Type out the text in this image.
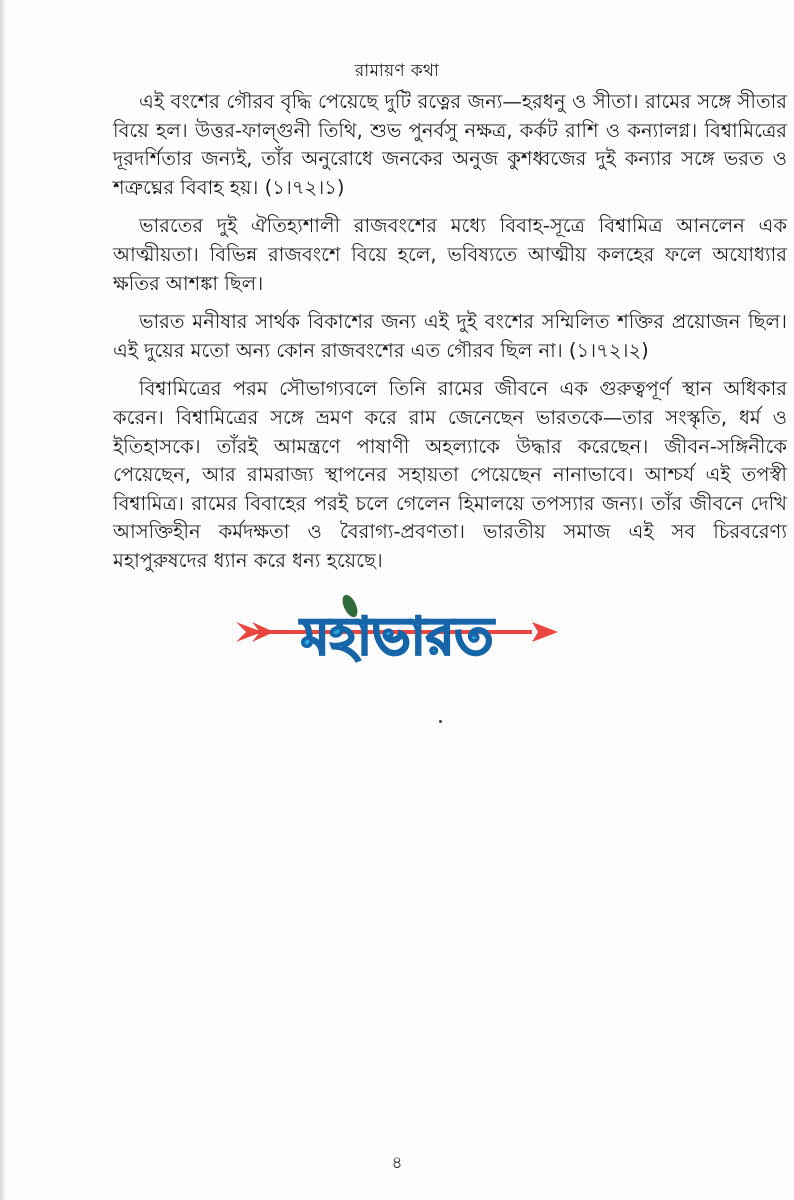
রামায়ণ কথা

এই বংশের গৌরব বৃদ্ধি পেয়েছে দুটি রত্নের জন্য—হরধনু ও সীতা। রামের সঙ্গে সীতার বিয়ে হল। উত্তর-ফাল্গুনী তিথি, শুভ পুনর্বসু নক্ষত্র, কর্কট রাশি ও কন্যালগ্ন। বিশ্বামিত্রের দূরদর্শিতার জন্যই, তাঁর অনুরোধে জনকের অনুজ কুশধ্বজের দুই কন্যার সঙ্গে ভরত ও শত্রুঘ্নের বিবাহ হয়। (১।৭২।১)

ভারতের দুই ঐতিহ্যশালী রাজবংশের মধ্যে বিবাহ-সূত্রে বিশ্বামিত্র আনলেন এক আত্মীয়তা। বিভিন্ন রাজবংশে বিয়ে হলে, ভবিষ্যতে আত্মীয় কলহের ফলে অযোধ্যার ক্ষতির আশঙ্কা ছিল।

ভারত মনীষার সার্থক বিকাশের জন্য এই দুই বংশের সম্মিলিত শক্তির প্রয়োজন ছিল। এই দুয়ের মতো অন্য কোন রাজবংশের এত গৌরব ছিল না। (১।৭২।২)

বিশ্বামিত্রের পরম সৌভাগ্যবলে তিনি রামের জীবনে এক গুরুত্বপূর্ণ স্থান অধিকার করেন। বিশ্বামিত্রের সঙ্গে ভ্রমণ করে রাম জেনেছেন ভারতকে—তার সংস্কৃতি, ধর্ম ও ইতিহাসকে। তাঁরই আমন্ত্রণে পাষাণী অহল্যাকে উদ্ধার করেছেন। জীবন-সঙ্গিনীকে পেয়েছেন, আর রামরাজ্য স্থাপনের সহায়তা পেয়েছেন নানাভাবে। আশ্চর্য এই তপস্বী বিশ্বামিত্র। রামের বিবাহের পরই চলে গেলেন হিমালয়ে তপস্যার জন্য। তাঁর জীবনে দেখি আসক্তিহীন কর্মদক্ষতা ও বৈরাগ্য-প্রবণতা। ভারতীয় সমাজ এই সব চিরবরেণ্য মহাপুরুষদের ধ্যান করে ধন্য হয়েছে।

মহাভারত
৪
